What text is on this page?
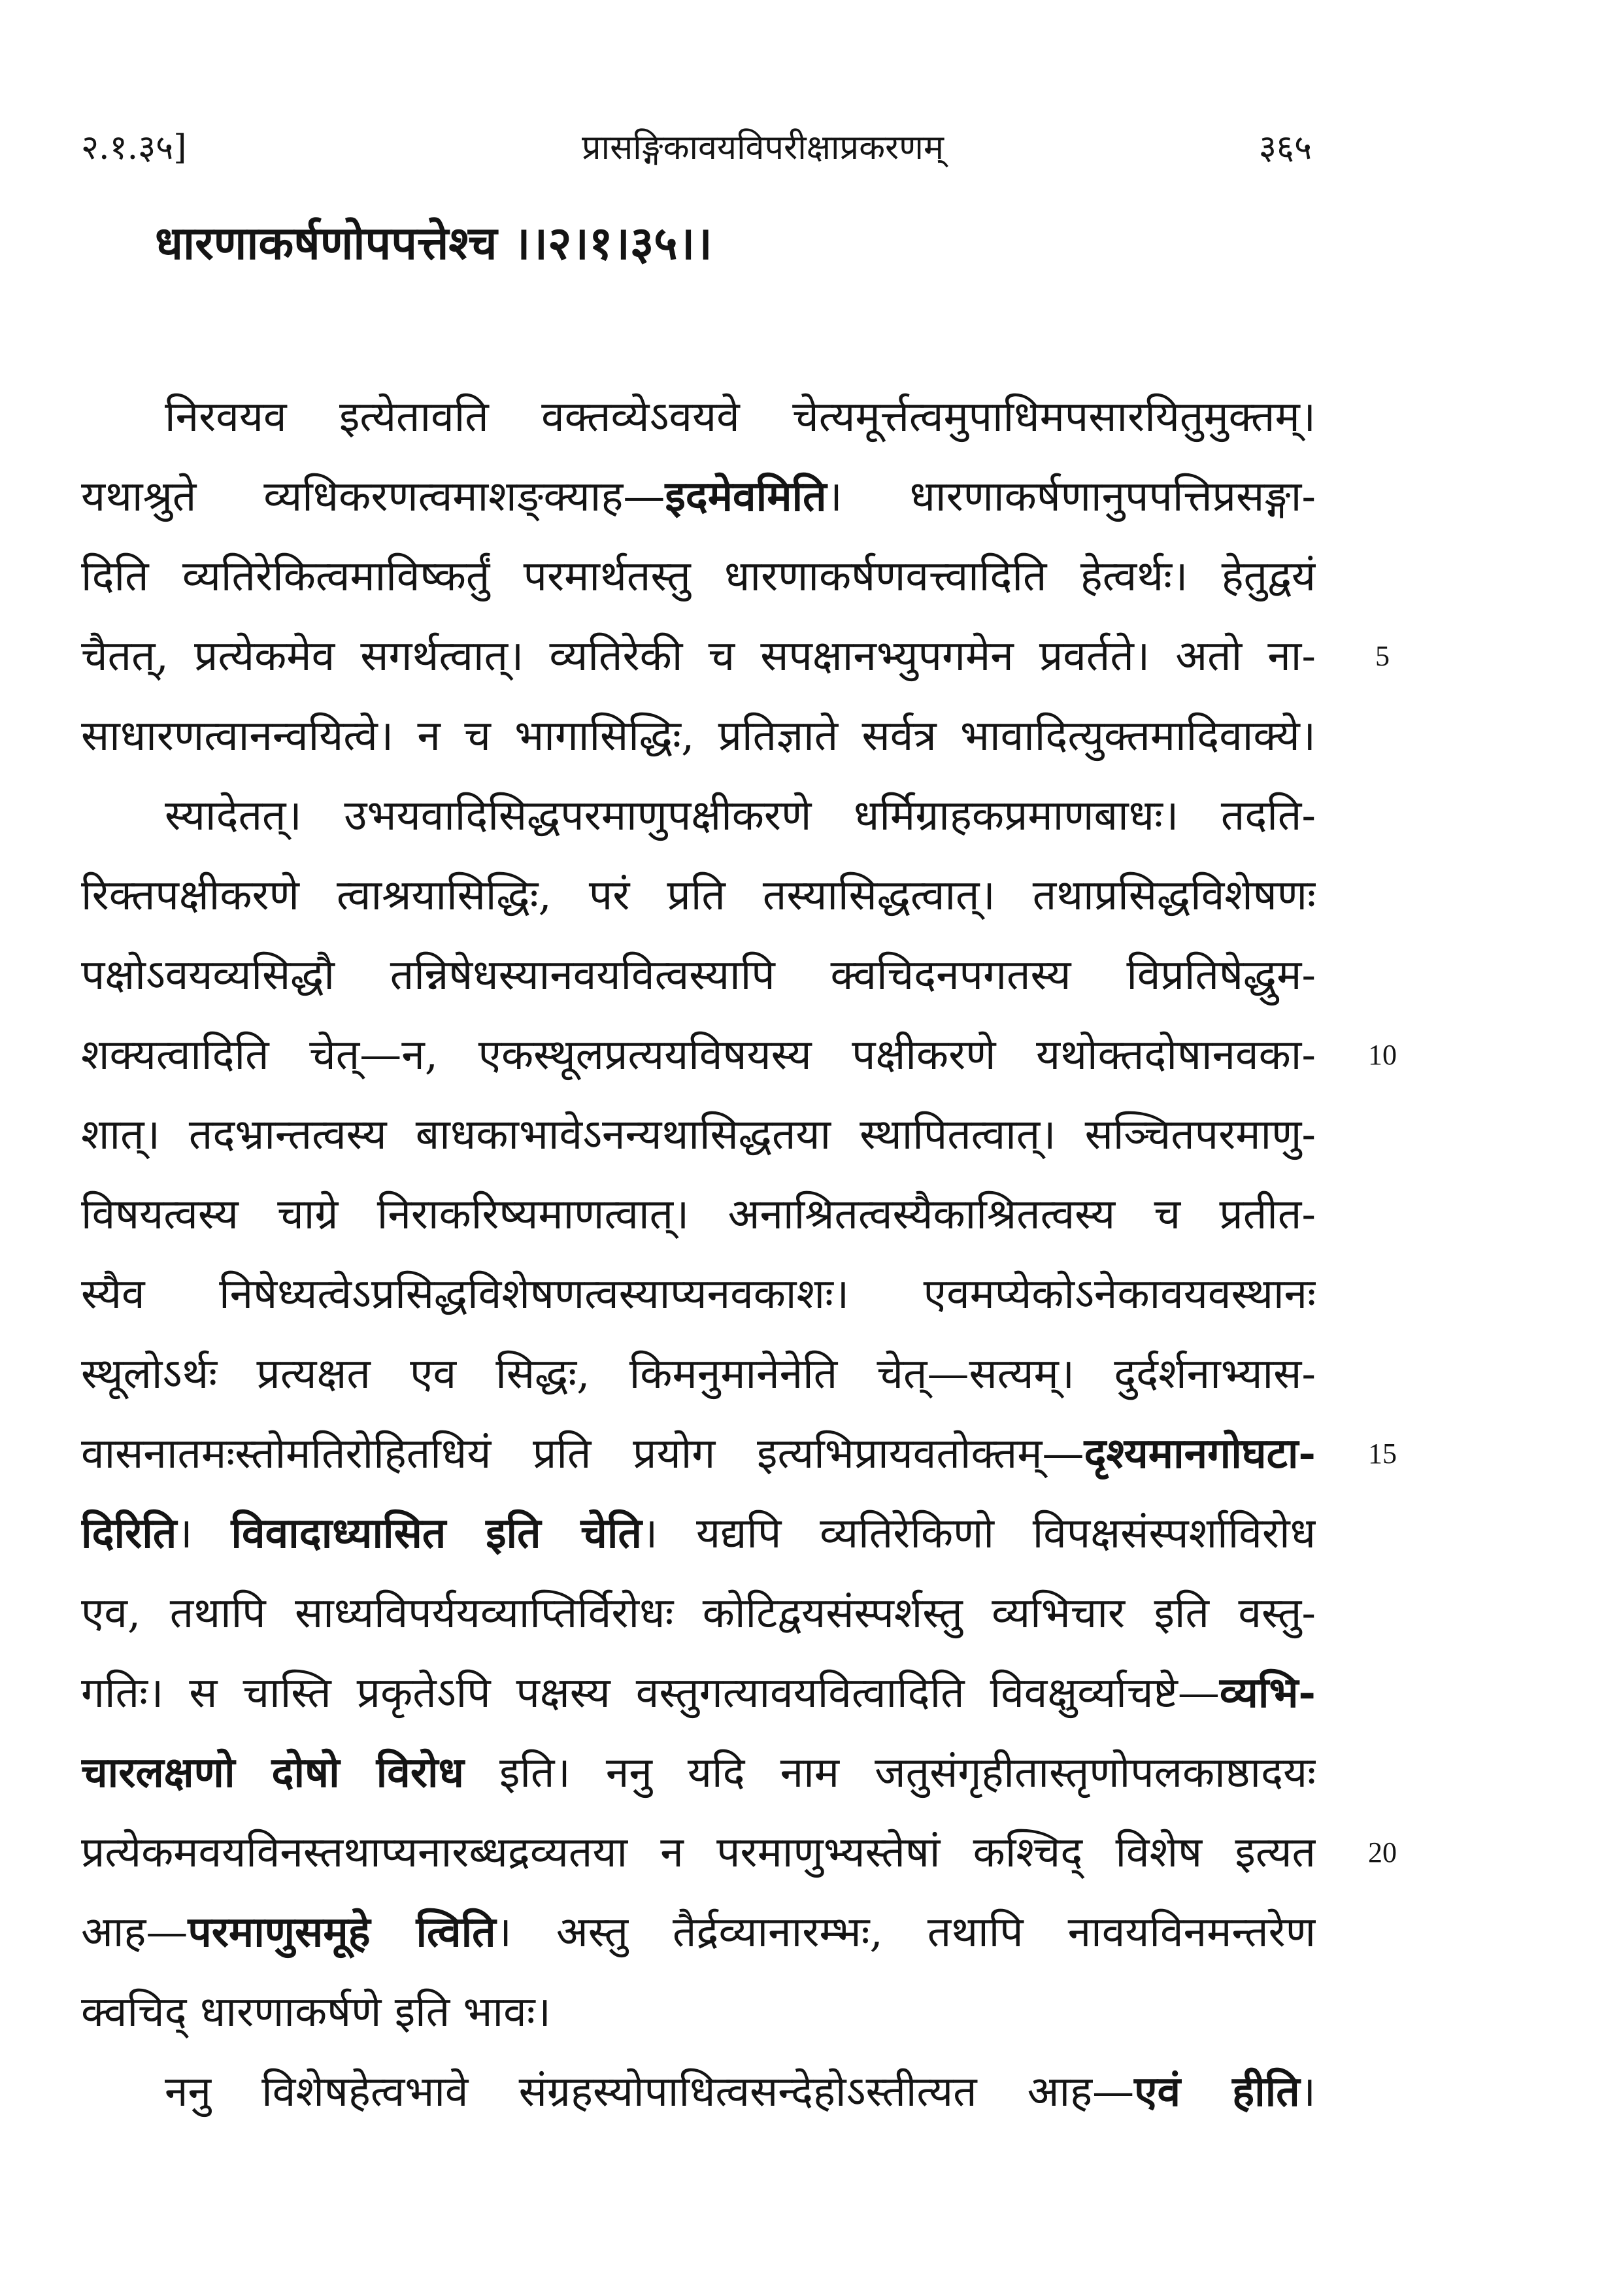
२.१.३५]	प्रासङ्गिकावयविपरीक्षाप्रकरणम्	३६५
धारणाकर्षणोपपत्तेश्च ।।२।१।३५।।
निरवयव इत्येतावति वक्तव्येऽवयवे चेत्यमूर्त्तत्वमुपाधिमपसारयितुमुक्तम्।
यथाश्रुते व्यधिकरणत्वमाशङ्क्याह—इदमेवमिति। धारणाकर्षणानुपपत्तिप्रसङ्गा-
दिति व्यतिरेकित्वमाविष्कर्तुं परमार्थतस्तु धारणाकर्षणवत्त्वादिति हेत्वर्थः। हेतुद्वयं
चैतत्, प्रत्येकमेव सगर्थत्वात्। व्यतिरेकी च सपक्षानभ्युपगमेन प्रवर्तते। अतो ना-
साधारणत्वानन्वयित्वे। न च भागासिद्धिः, प्रतिज्ञाते सर्वत्र भावादित्युक्तमादिवाक्ये।
स्यादेतत्। उभयवादिसिद्धपरमाणुपक्षीकरणे धर्मिग्राहकप्रमाणबाधः। तदति-
रिक्तपक्षीकरणे त्वाश्रयासिद्धिः, परं प्रति तस्यासिद्धत्वात्। तथाप्रसिद्धविशेषणः
पक्षोऽवयव्यसिद्धौ तन्निषेधस्यानवयवित्वस्यापि क्वचिदनपगतस्य विप्रतिषेद्धुम-
शक्यत्वादिति चेत्—न, एकस्थूलप्रत्ययविषयस्य पक्षीकरणे यथोक्तदोषानवका-
शात्। तदभ्रान्तत्वस्य बाधकाभावेऽनन्यथासिद्धतया स्थापितत्वात्। सञ्चितपरमाणु-
विषयत्वस्य चाग्रे निराकरिष्यमाणत्वात्। अनाश्रितत्वस्यैकाश्रितत्वस्य च प्रतीत-
स्यैव निषेध्यत्वेऽप्रसिद्धविशेषणत्वस्याप्यनवकाशः। एवमप्येकोऽनेकावयवस्थानः
स्थूलोऽर्थः प्रत्यक्षत एव सिद्धः, किमनुमानेनेति चेत्—सत्यम्। दुर्दर्शनाभ्यास-
वासनातमःस्तोमतिरोहितधियं प्रति प्रयोग इत्यभिप्रायवतोक्तम्—दृश्यमानगोघटा-
दिरिति। विवादाध्यासित इति चेति। यद्यपि व्यतिरेकिणो विपक्षसंस्पर्शाविरोध
एव, तथापि साध्यविपर्ययव्याप्तिर्विरोधः कोटिद्वयसंस्पर्शस्तु व्यभिचार इति वस्तु-
गतिः। स चास्ति प्रकृतेऽपि पक्षस्य वस्तुगत्यावयवित्वादिति विवक्षुर्व्याचष्टे—व्यभि-
चारलक्षणो दोषो विरोध इति। ननु यदि नाम जतुसंगृहीतास्तृणोपलकाष्ठादयः
प्रत्येकमवयविनस्तथाप्यनारब्धद्रव्यतया न परमाणुभ्यस्तेषां कश्चिद् विशेष इत्यत
आह—परमाणुसमूहे त्विति। अस्तु तैर्द्रव्यानारम्भः, तथापि नावयविनमन्तरेण
क्वचिद् धारणाकर्षणे इति भावः।
ननु विशेषहेत्वभावे संग्रहस्योपाधित्वसन्देहोऽस्तीत्यत आह—एवं हीति।
5
10
15
20
